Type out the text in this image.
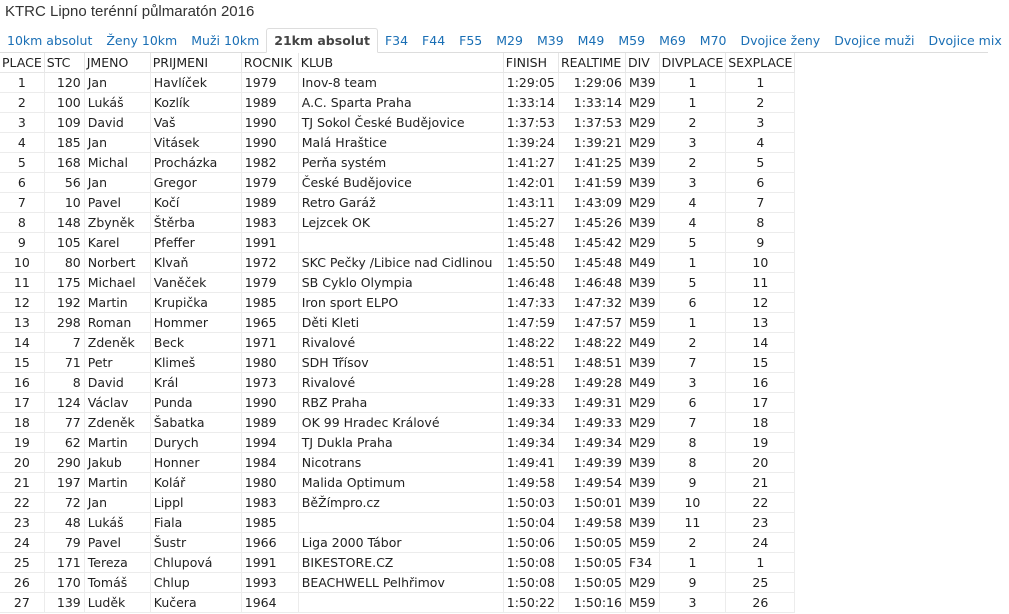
KTRC Lipno terénní půlmaratón 2016
10km absolut	Ženy 10km	Muži 10km	21km absolut	F34	F44	F55	M29	M39	M49	M59	M69	M70	Dvojice ženy	Dvojice muži	Dvojice mix
PLACE	STC	JMENO	PRIJMENI	ROCNIK	KLUB	FINISH	REALTIME	DIV	DIVPLACE	SEXPLACE
1	120	Jan	Havlíček	1979	Inov-8 team	1:29:05	1:29:06	M39	1	1
2	100	Lukáš	Kozlík	1989	A.C. Sparta Praha	1:33:14	1:33:14	M29	1	2
3	109	David	Vaš	1990	TJ Sokol České Budějovice	1:37:53	1:37:53	M29	2	3
4	185	Jan	Vitásek	1990	Malá Hraštice	1:39:24	1:39:21	M29	3	4
5	168	Michal	Procházka	1982	Perňa systém	1:41:27	1:41:25	M39	2	5
6	56	Jan	Gregor	1979	České Budějovice	1:42:01	1:41:59	M39	3	6
7	10	Pavel	Kočí	1989	Retro Garáž	1:43:11	1:43:09	M29	4	7
8	148	Zbyněk	Štěrba	1983	Lejzcek OK	1:45:27	1:45:26	M39	4	8
9	105	Karel	Pfeffer	1991		1:45:48	1:45:42	M29	5	9
10	80	Norbert	Klvaň	1972	SKC Pečky /Libice nad Cidlinou	1:45:50	1:45:48	M49	1	10
11	175	Michael	Vaněček	1979	SB Cyklo Olympia	1:46:48	1:46:48	M39	5	11
12	192	Martin	Krupička	1985	Iron sport ELPO	1:47:33	1:47:32	M39	6	12
13	298	Roman	Hommer	1965	Děti Kleti	1:47:59	1:47:57	M59	1	13
14	7	Zdeněk	Beck	1971	Rivalové	1:48:22	1:48:22	M49	2	14
15	71	Petr	Klimeš	1980	SDH Třísov	1:48:51	1:48:51	M39	7	15
16	8	David	Král	1973	Rivalové	1:49:28	1:49:28	M49	3	16
17	124	Václav	Punda	1990	RBZ Praha	1:49:33	1:49:31	M29	6	17
18	77	Zdeněk	Šabatka	1989	OK 99 Hradec Králové	1:49:34	1:49:33	M29	7	18
19	62	Martin	Durych	1994	TJ Dukla Praha	1:49:34	1:49:34	M29	8	19
20	290	Jakub	Honner	1984	Nicotrans	1:49:41	1:49:39	M39	8	20
21	197	Martin	Kolář	1980	Malida Optimum	1:49:58	1:49:54	M39	9	21
22	72	Jan	Lippl	1983	BěŽímpro.cz	1:50:03	1:50:01	M39	10	22
23	48	Lukáš	Fiala	1985		1:50:04	1:49:58	M39	11	23
24	79	Pavel	Šustr	1966	Liga 2000 Tábor	1:50:06	1:50:05	M59	2	24
25	171	Tereza	Chlupová	1991	BIKESTORE.CZ	1:50:08	1:50:05	F34	1	1
26	170	Tomáš	Chlup	1993	BEACHWELL Pelhřimov	1:50:08	1:50:05	M29	9	25
27	139	Luděk	Kučera	1964		1:50:22	1:50:16	M59	3	26
